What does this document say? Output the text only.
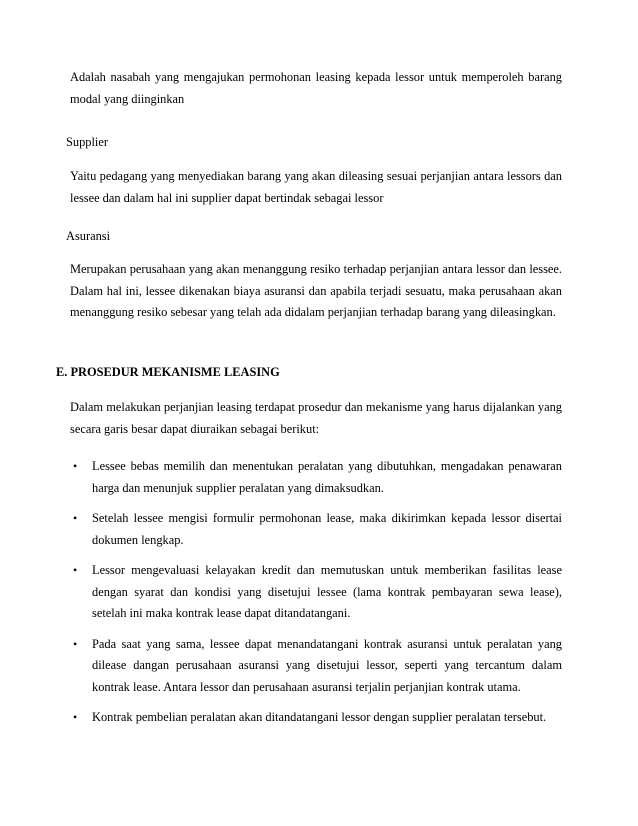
Adalah nasabah yang mengajukan permohonan leasing kepada lessor untuk memperoleh barang modal yang diinginkan

Supplier

Yaitu pedagang yang menyediakan barang yang akan dileasing sesuai perjanjian antara lessors dan lessee dan dalam hal ini supplier dapat bertindak sebagai lessor

Asuransi

Merupakan perusahaan yang akan menanggung resiko terhadap perjanjian antara lessor dan lessee. Dalam hal ini, lessee dikenakan biaya asuransi dan apabila terjadi sesuatu, maka perusahaan akan menanggung resiko sebesar yang telah ada didalam perjanjian terhadap barang yang dileasingkan.

E. PROSEDUR MEKANISME LEASING

Dalam melakukan perjanjian leasing terdapat prosedur dan mekanisme yang harus dijalankan yang secara garis besar dapat diuraikan sebagai berikut:

• Lessee bebas memilih dan menentukan peralatan yang dibutuhkan, mengadakan penawaran harga dan menunjuk supplier peralatan yang dimaksudkan.
• Setelah lessee mengisi formulir permohonan lease, maka dikirimkan kepada lessor disertai dokumen lengkap.
• Lessor mengevaluasi kelayakan kredit dan memutuskan untuk memberikan fasilitas lease dengan syarat dan kondisi yang disetujui lessee (lama kontrak pembayaran sewa lease), setelah ini maka kontrak lease dapat ditandatangani.
• Pada saat yang sama, lessee dapat menandatangani kontrak asuransi untuk peralatan yang dilease dangan perusahaan asuransi yang disetujui lessor, seperti yang tercantum dalam kontrak lease. Antara lessor dan perusahaan asuransi terjalin perjanjian kontrak utama.
• Kontrak pembelian peralatan akan ditandatangani lessor dengan supplier peralatan tersebut.
